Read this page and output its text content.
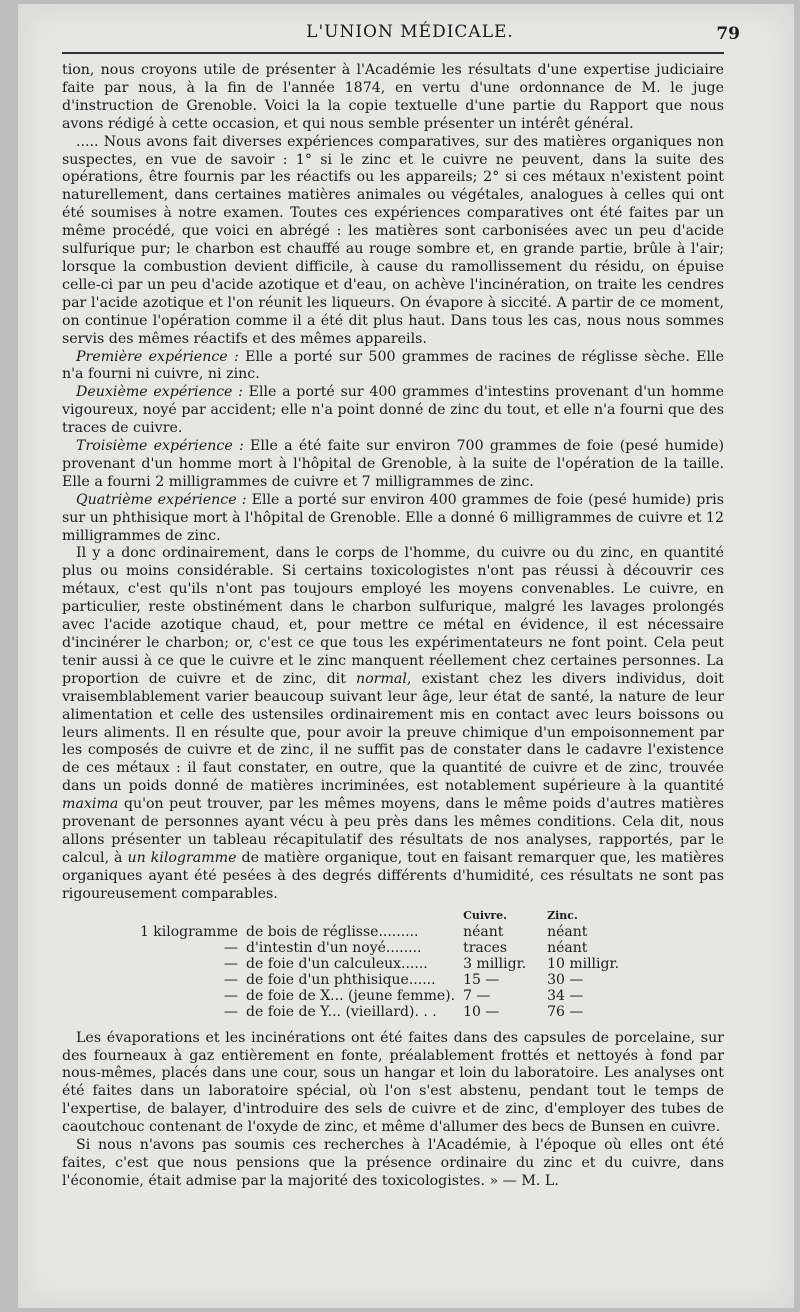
L'UNION MÉDICALE.	79

tion, nous croyons utile de présenter à l'Académie les résultats d'une expertise judiciaire faite par nous, à la fin de l'année 1874, en vertu d'une ordonnance de M. le juge d'instruction de Grenoble. Voici la la copie textuelle d'une partie du Rapport que nous avons rédigé à cette occasion, et qui nous semble présenter un intérêt général.

..... Nous avons fait diverses expériences comparatives, sur des matières organiques non suspectes, en vue de savoir : 1° si le zinc et le cuivre ne peuvent, dans la suite des opérations, être fournis par les réactifs ou les appareils; 2° si ces métaux n'existent point naturellement, dans certaines matières animales ou végétales, analogues à celles qui ont été soumises à notre examen. Toutes ces expériences comparatives ont été faites par un même procédé, que voici en abrégé : les matières sont carbonisées avec un peu d'acide sulfurique pur; le charbon est chauffé au rouge sombre et, en grande partie, brûle à l'air; lorsque la combustion devient difficile, à cause du ramollissement du résidu, on épuise celle-ci par un peu d'acide azotique et d'eau, on achève l'incinération, on traite les cendres par l'acide azotique et l'on réunit les liqueurs. On évapore à siccité. A partir de ce moment, on continue l'opération comme il a été dit plus haut. Dans tous les cas, nous nous sommes servis des mêmes réactifs et des mêmes appareils.

Première expérience : Elle a porté sur 500 grammes de racines de réglisse sèche. Elle n'a fourni ni cuivre, ni zinc.

Deuxième expérience : Elle a porté sur 400 grammes d'intestins provenant d'un homme vigoureux, noyé par accident; elle n'a point donné de zinc du tout, et elle n'a fourni que des traces de cuivre.

Troisième expérience : Elle a été faite sur environ 700 grammes de foie (pesé humide) provenant d'un homme mort à l'hôpital de Grenoble, à la suite de l'opération de la taille. Elle a fourni 2 milligrammes de cuivre et 7 milligrammes de zinc.

Quatrième expérience : Elle a porté sur environ 400 grammes de foie (pesé humide) pris sur un phthisique mort à l'hôpital de Grenoble. Elle a donné 6 milligrammes de cuivre et 12 milligrammes de zinc.

Il y a donc ordinairement, dans le corps de l'homme, du cuivre ou du zinc, en quantité plus ou moins considérable. Si certains toxicologistes n'ont pas réussi à découvrir ces métaux, c'est qu'ils n'ont pas toujours employé les moyens convenables. Le cuivre, en particulier, reste obstinément dans le charbon sulfurique, malgré les lavages prolongés avec l'acide azotique chaud, et, pour mettre ce métal en évidence, il est nécessaire d'incinérer le charbon; or, c'est ce que tous les expérimentateurs ne font point. Cela peut tenir aussi à ce que le cuivre et le zinc manquent réellement chez certaines personnes. La proportion de cuivre et de zinc, dit normal, existant chez les divers individus, doit vraisemblablement varier beaucoup suivant leur âge, leur état de santé, la nature de leur alimentation et celle des ustensiles ordinairement mis en contact avec leurs boissons ou leurs aliments. Il en résulte que, pour avoir la preuve chimique d'un empoisonnement par les composés de cuivre et de zinc, il ne suffit pas de constater dans le cadavre l'existence de ces métaux : il faut constater, en outre, que la quantité de cuivre et de zinc, trouvée dans un poids donné de matières incriminées, est notablement supérieure à la quantité maxima qu'on peut trouver, par les mêmes moyens, dans le même poids d'autres matières provenant de personnes ayant vécu à peu près dans les mêmes conditions. Cela dit, nous allons présenter un tableau récapitulatif des résultats de nos analyses, rapportés, par le calcul, à un kilogramme de matière organique, tout en faisant remarquer que, les matières organiques ayant été pesées à des degrés différents d'humidité, ces résultats ne sont pas rigoureusement comparables.

		Cuivre.	Zinc.
1 kilogramme	de bois de réglisse.........	néant	néant
—	d'intestin d'un noyé........	traces	néant
—	de foie d'un calculeux......	3 milligr.	10 milligr.
—	de foie d'un phthisique......	15 —	30 —
—	de foie de X... (jeune femme).	7 —	34 —
—	de foie de Y... (vieillard). . .	10 —	76 —

Les évaporations et les incinérations ont été faites dans des capsules de porcelaine, sur des fourneaux à gaz entièrement en fonte, préalablement frottés et nettoyés à fond par nous-mêmes, placés dans une cour, sous un hangar et loin du laboratoire. Les analyses ont été faites dans un laboratoire spécial, où l'on s'est abstenu, pendant tout le temps de l'expertise, de balayer, d'introduire des sels de cuivre et de zinc, d'employer des tubes de caoutchouc contenant de l'oxyde de zinc, et même d'allumer des becs de Bunsen en cuivre.

Si nous n'avons pas soumis ces recherches à l'Académie, à l'époque où elles ont été faites, c'est que nous pensions que la présence ordinaire du zinc et du cuivre, dans l'économie, était admise par la majorité des toxicologistes. » — M. L.
